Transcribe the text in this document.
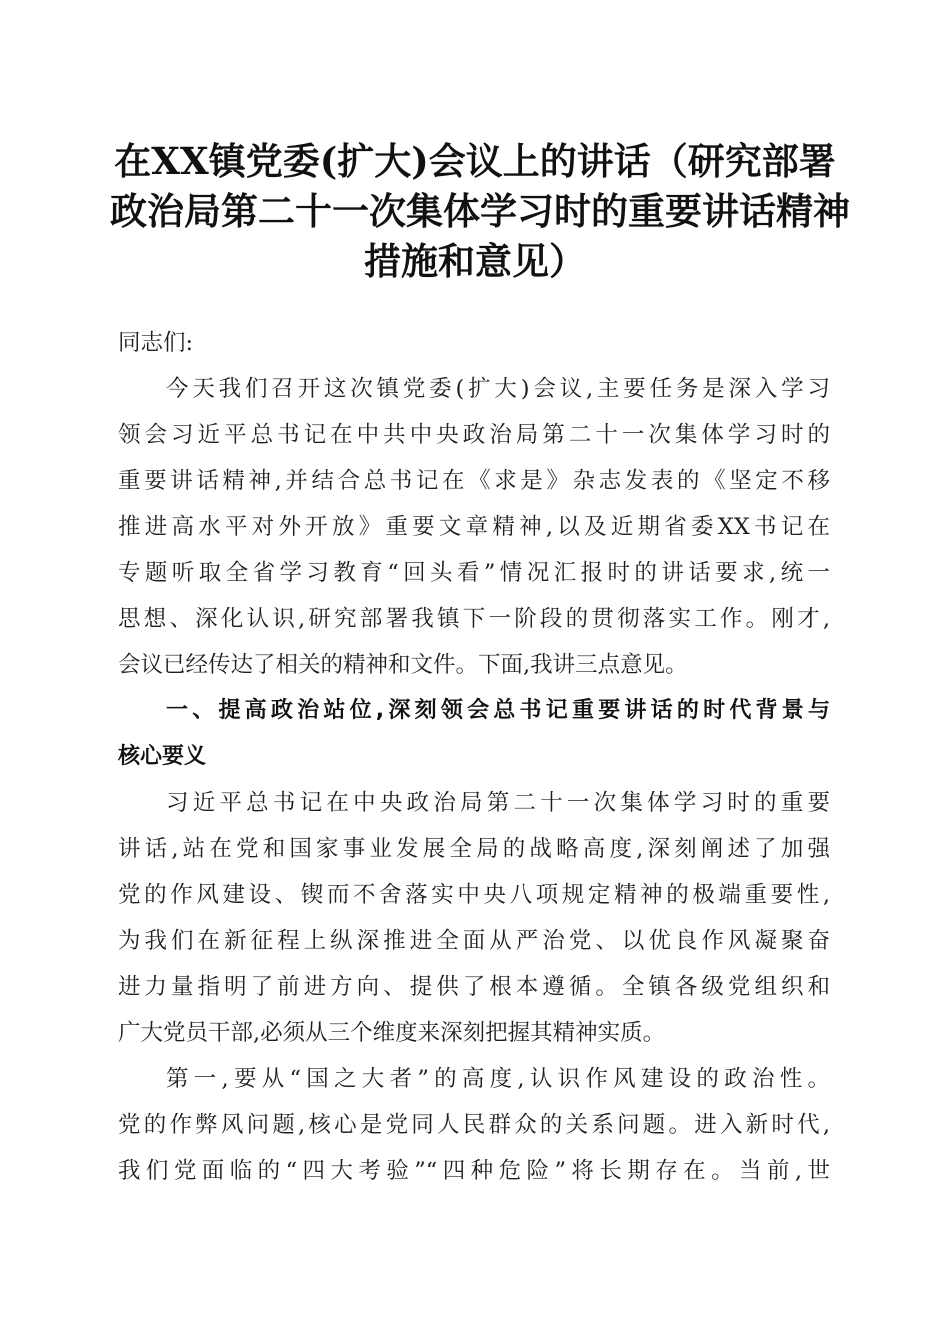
在XX镇党委(扩大)会议上的讲话（研究部署
政治局第二十一次集体学习时的重要讲话精神
措施和意见）
同志们:
今天我们召开这次镇党委(扩大)会议,主要任务是深入学习
领会习近平总书记在中共中央政治局第二十一次集体学习时的
重要讲话精神,并结合总书记在《求是》杂志发表的《坚定不移
推进高水平对外开放》重要文章精神,以及近期省委XX书记在
专题听取全省学习教育“回头看”情况汇报时的讲话要求,统一
思想、深化认识,研究部署我镇下一阶段的贯彻落实工作。刚才,
会议已经传达了相关的精神和文件。下面,我讲三点意见。
一、提高政治站位,深刻领会总书记重要讲话的时代背景与
核心要义
习近平总书记在中央政治局第二十一次集体学习时的重要
讲话,站在党和国家事业发展全局的战略高度,深刻阐述了加强
党的作风建设、锲而不舍落实中央八项规定精神的极端重要性,
为我们在新征程上纵深推进全面从严治党、以优良作风凝聚奋
进力量指明了前进方向、提供了根本遵循。全镇各级党组织和
广大党员干部,必须从三个维度来深刻把握其精神实质。
第一,要从“国之大者”的高度,认识作风建设的政治性。
党的作弊风问题,核心是党同人民群众的关系问题。进入新时代,
我们党面临的“四大考验”“四种危险”将长期存在。当前,世
